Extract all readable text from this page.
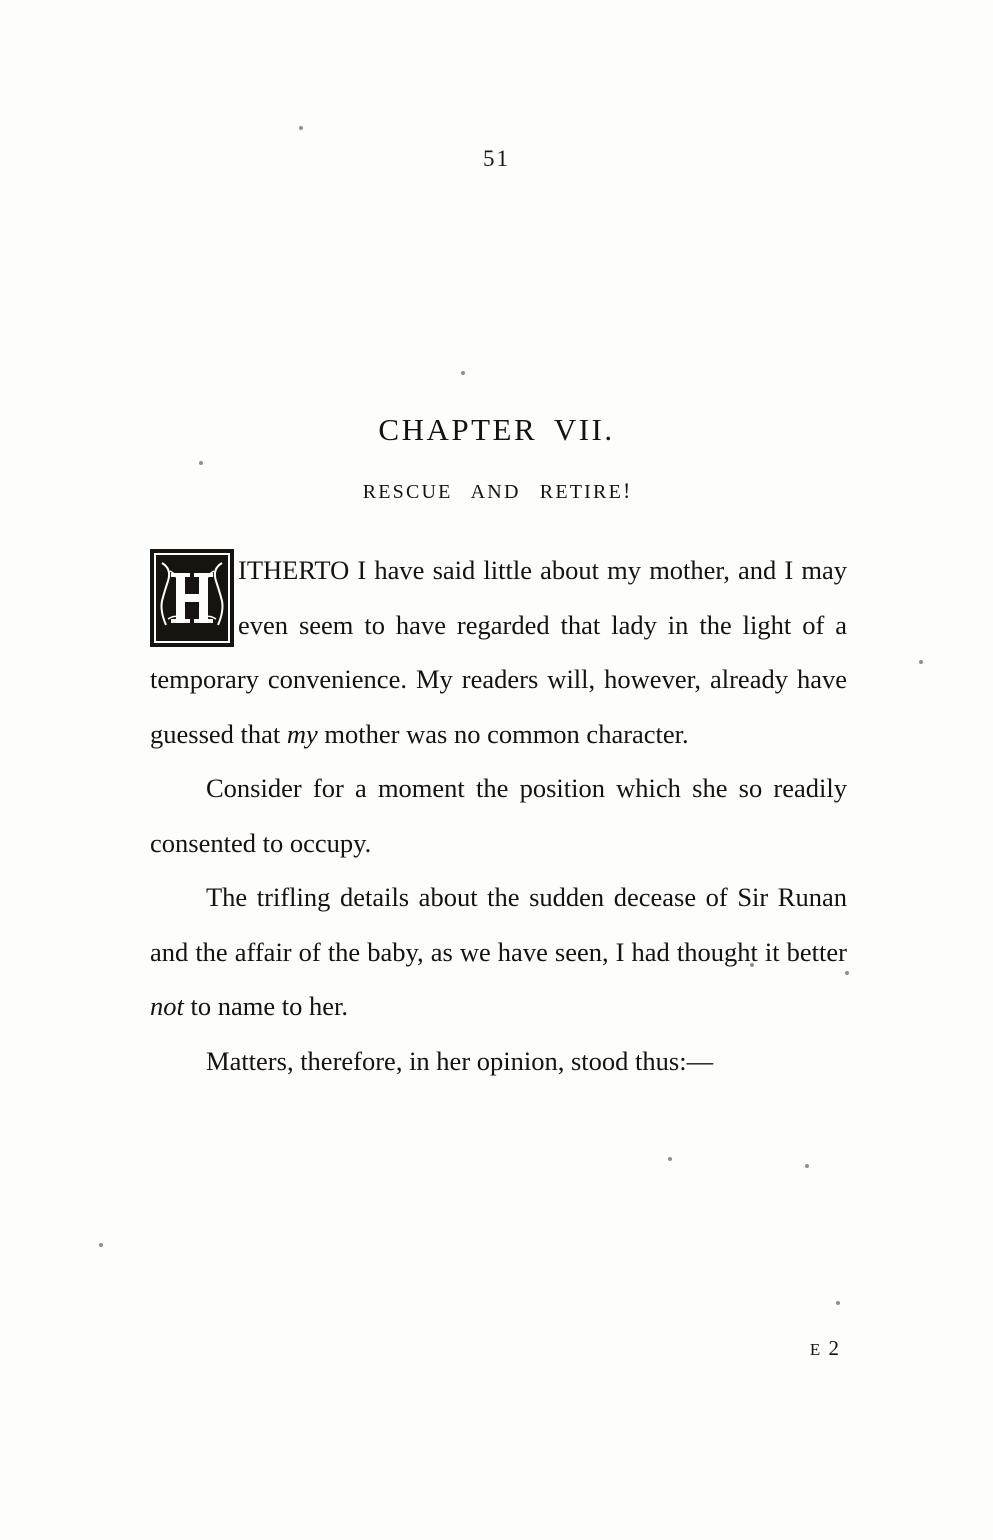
51
CHAPTER VII.
RESCUE AND RETIRE!

ITHERTO I have said little about my mother, and I may even seem to have regarded that lady in the light of a temporary convenience. My readers will, however, already have guessed that my mother was no common character.

Consider for a moment the position which she so readily consented to occupy.

The trifling details about the sudden decease of Sir Runan and the affair of the baby, as we have seen, I had thought it better not to name to her.

Matters, therefore, in her opinion, stood thus:—

E 2
